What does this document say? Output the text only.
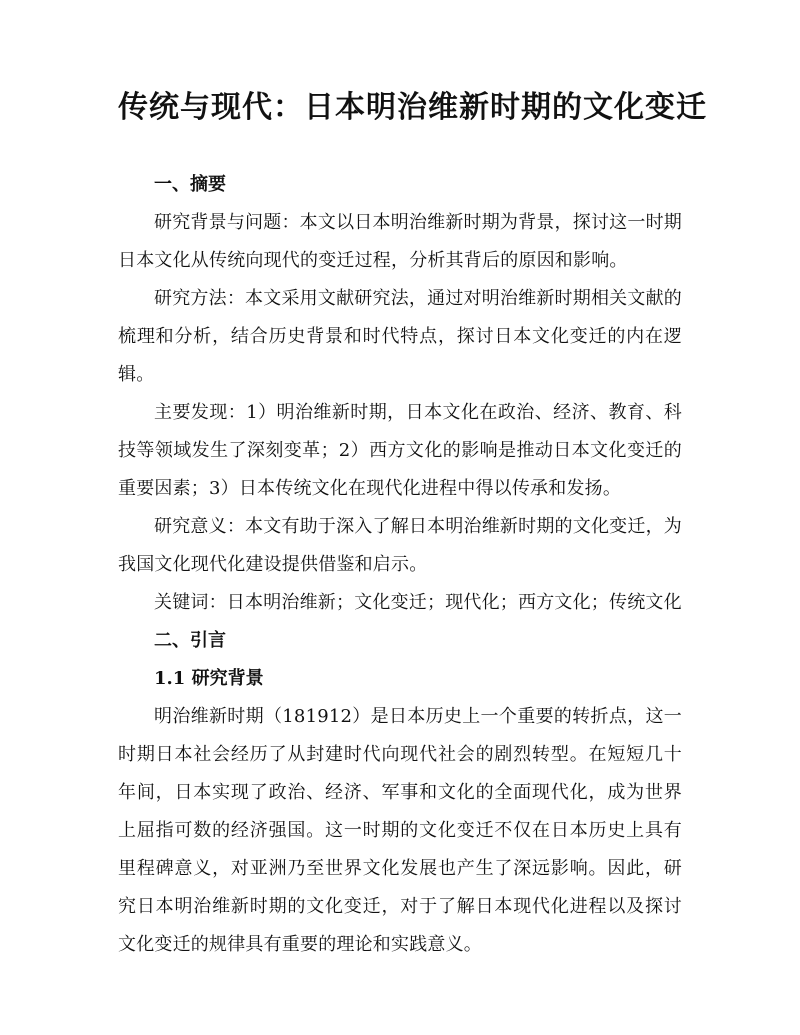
传统与现代：日本明治维新时期的文化变迁
一、摘要

研究背景与问题：本文以日本明治维新时期为背景，探讨这一时期日本文化从传统向现代的变迁过程，分析其背后的原因和影响。

研究方法：本文采用文献研究法，通过对明治维新时期相关文献的梳理和分析，结合历史背景和时代特点，探讨日本文化变迁的内在逻辑。

主要发现：1）明治维新时期，日本文化在政治、经济、教育、科技等领域发生了深刻变革；2）西方文化的影响是推动日本文化变迁的重要因素；3）日本传统文化在现代化进程中得以传承和发扬。

研究意义：本文有助于深入了解日本明治维新时期的文化变迁，为我国文化现代化建设提供借鉴和启示。

关键词：日本明治维新；文化变迁；现代化；西方文化；传统文化

二、引言
1.1 研究背景

明治维新时期（181912）是日本历史上一个重要的转折点，这一时期日本社会经历了从封建时代向现代社会的剧烈转型。在短短几十年间，日本实现了政治、经济、军事和文化的全面现代化，成为世界上屈指可数的经济强国。这一时期的文化变迁不仅在日本历史上具有里程碑意义，对亚洲乃至世界文化发展也产生了深远影响。因此，研究日本明治维新时期的文化变迁，对于了解日本现代化进程以及探讨文化变迁的规律具有重要的理论和实践意义。
